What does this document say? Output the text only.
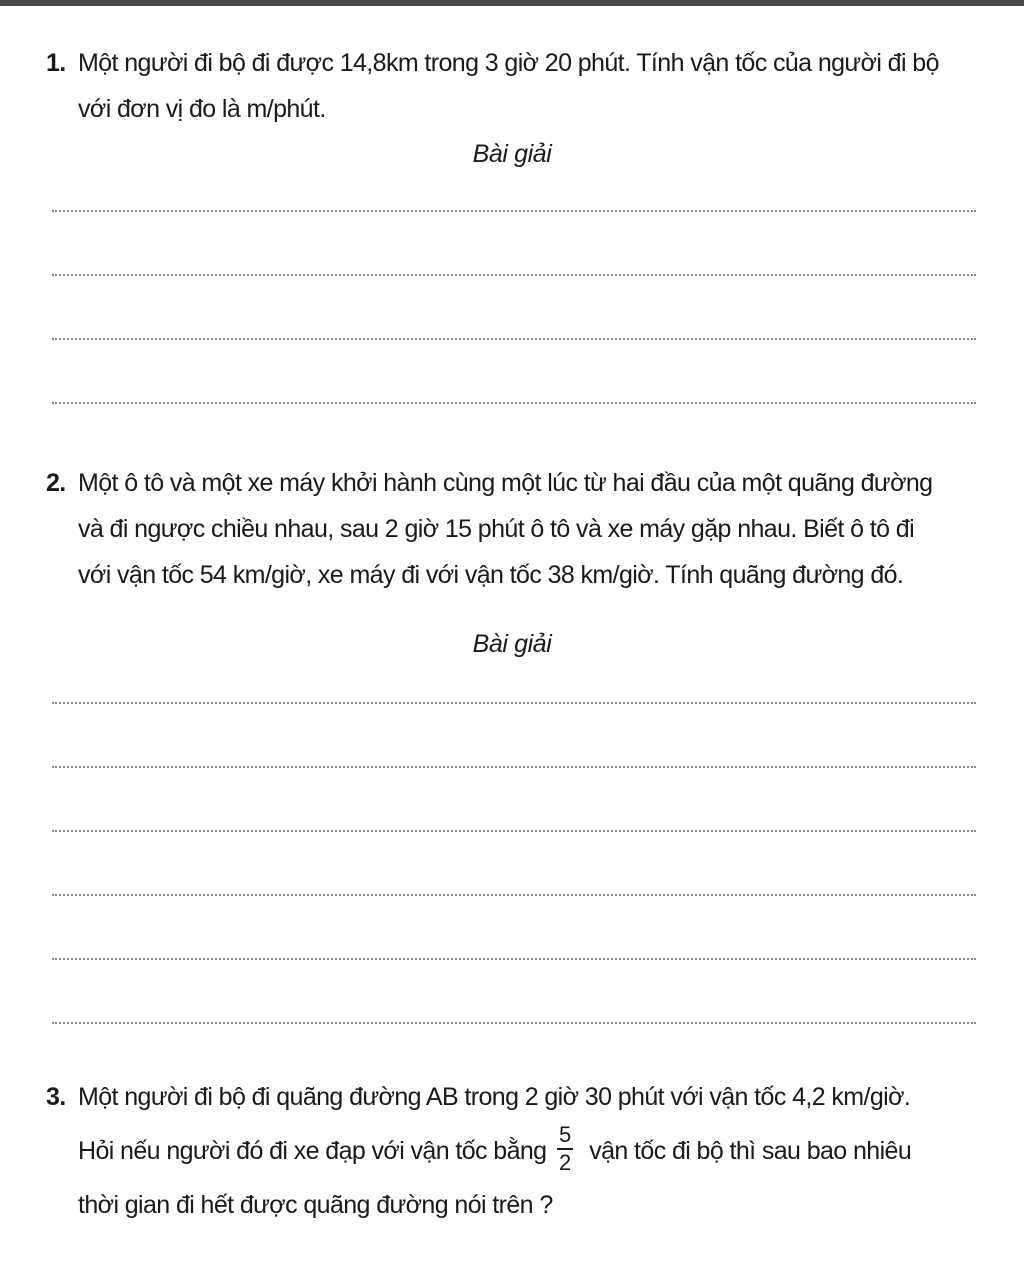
1. Một người đi bộ đi được 14,8km trong 3 giờ 20 phút. Tính vận tốc của người đi bộ
với đơn vị đo là m/phút.
Bài giải
2. Một ô tô và một xe máy khởi hành cùng một lúc từ hai đầu của một quãng đường
và đi ngược chiều nhau, sau 2 giờ 15 phút ô tô và xe máy gặp nhau. Biết ô tô đi
với vận tốc 54 km/giờ, xe máy đi với vận tốc 38 km/giờ. Tính quãng đường đó.
Bài giải
3. Một người đi bộ đi quãng đường AB trong 2 giờ 30 phút với vận tốc 4,2 km/giờ.
Hỏi nếu người đó đi xe đạp với vận tốc bằng $\frac{5}{2}$ vận tốc đi bộ thì sau bao nhiêu
thời gian đi hết được quãng đường nói trên ?
